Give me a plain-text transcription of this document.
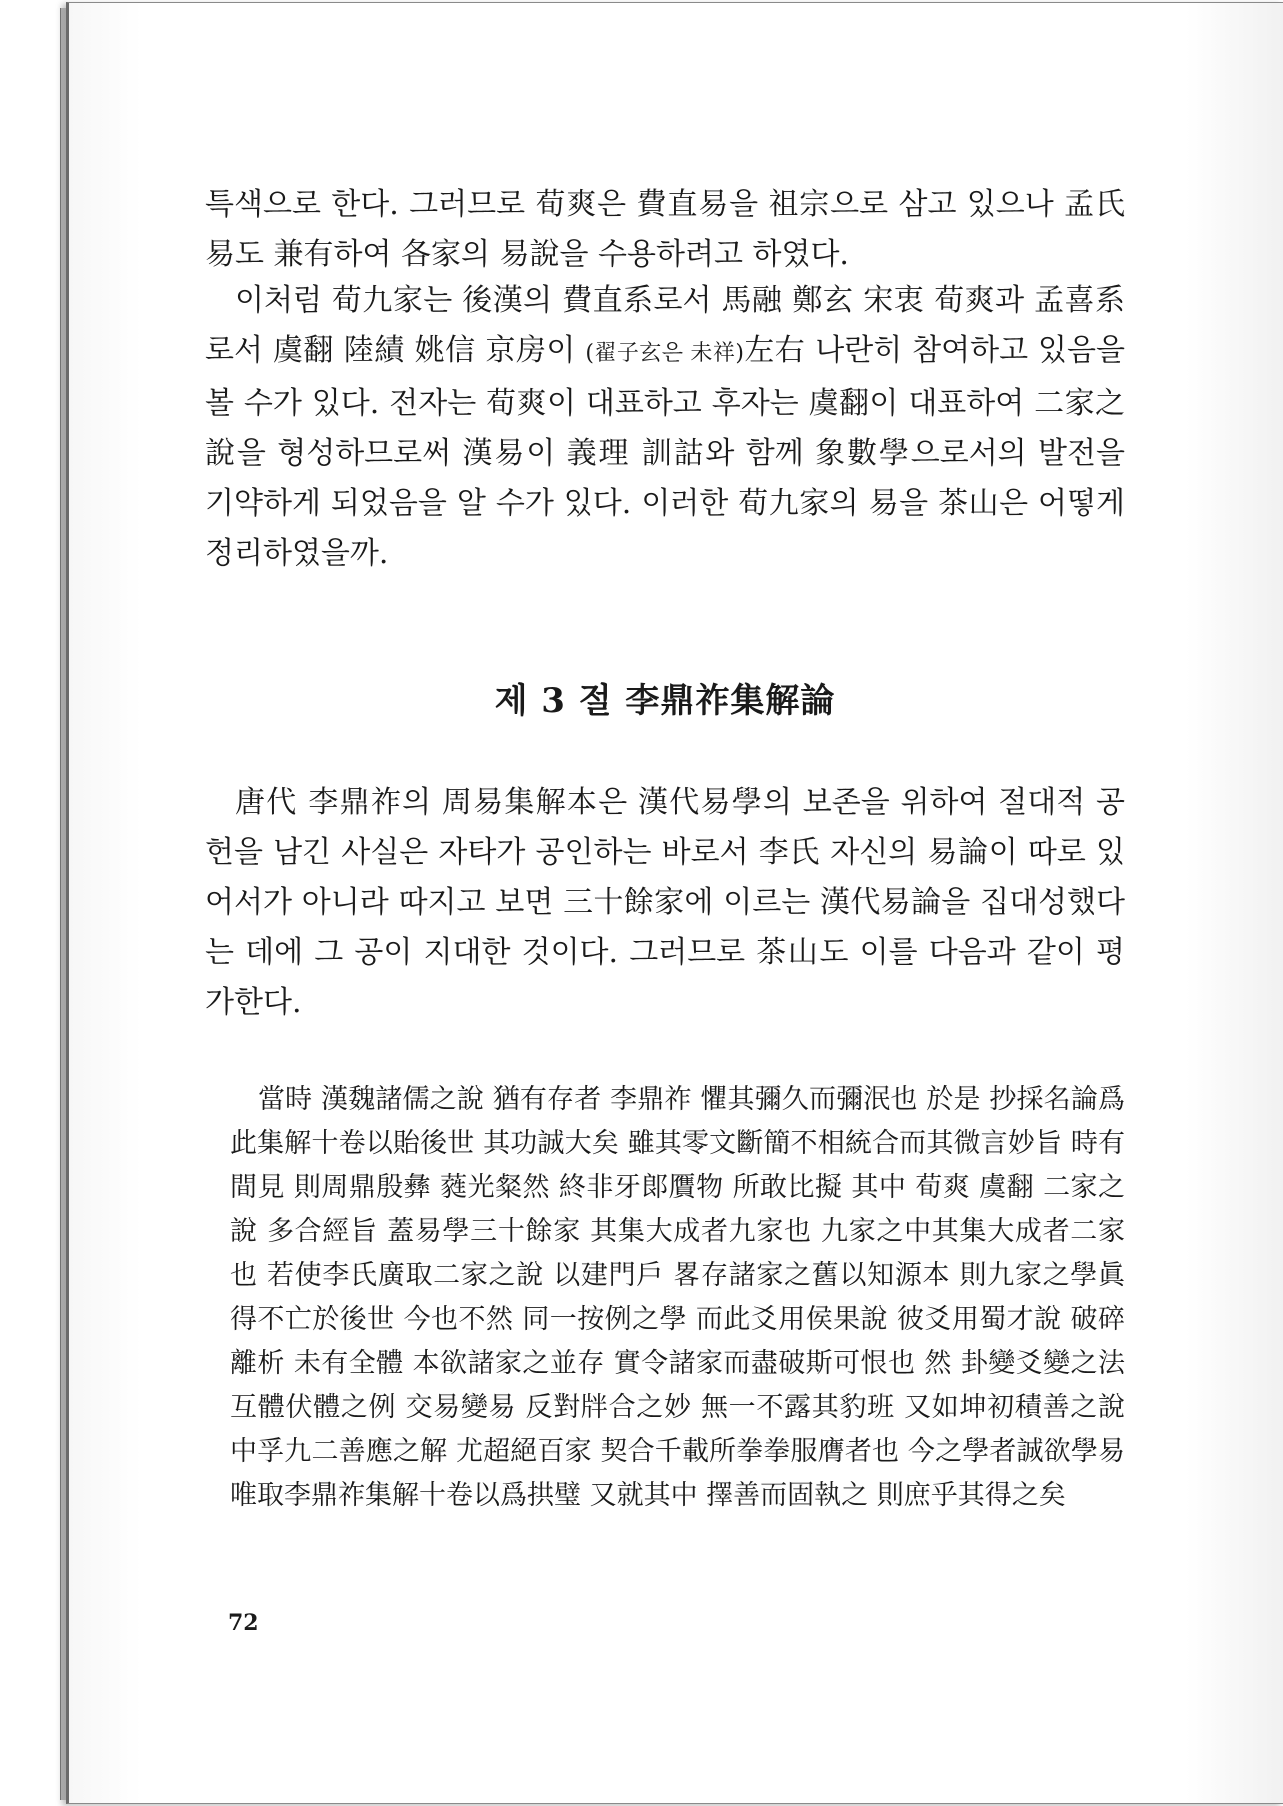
특색으로 한다. 그러므로 荀爽은 費直易을 祖宗으로 삼고 있으나 孟氏易도 兼有하여 各家의 易說을 수용하려고 하였다.

이처럼 荀九家는 後漢의 費直系로서 馬融 鄭玄 宋衷 荀爽과 孟喜系로서 虞翻 陸績 姚信 京房이 (翟子玄은 未祥)左右 나란히 참여하고 있음을 볼 수가 있다. 전자는 荀爽이 대표하고 후자는 虞翻이 대표하여 二家之說을 형성하므로써 漢易이 義理 訓詁와 함께 象數學으로서의 발전을 기약하게 되었음을 알 수가 있다. 이러한 荀九家의 易을 茶山은 어떻게 정리하였을까.

제 3 절 李鼎祚集解論

唐代 李鼎祚의 周易集解本은 漢代易學의 보존을 위하여 절대적 공헌을 남긴 사실은 자타가 공인하는 바로서 李氏 자신의 易論이 따로 있어서가 아니라 따지고 보면 三十餘家에 이르는 漢代易論을 집대성했다는 데에 그 공이 지대한 것이다. 그러므로 茶山도 이를 다음과 같이 평가한다.

當時 漢魏諸儒之說 猶有存者 李鼎祚 懼其彌久而彌泯也 於是 抄採名論爲此集解十卷以貽後世 其功誠大矣 雖其零文斷簡不相統合而其微言妙旨 時有間見 則周鼎殷彝 蕤光粲然 終非牙郞贋物 所敢比擬 其中 荀爽 虞翻 二家之說 多合經旨 蓋易學三十餘家 其集大成者九家也 九家之中其集大成者二家也 若使李氏廣取二家之說 以建門戶 畧存諸家之舊以知源本 則九家之學眞得不亡於後世 今也不然 同一按例之學 而此爻用侯果說 彼爻用蜀才說 破碎離析 未有全體 本欲諸家之並存 實令諸家而盡破斯可恨也 然 卦變爻變之法 互體伏體之例 交易變易 反對牉合之妙 無一不露其豹班 又如坤初積善之說 中孚九二善應之解 尤超絕百家 契合千載所拳拳服膺者也 今之學者誠欲學易 唯取李鼎祚集解十卷以爲拱璧 又就其中 擇善而固執之 則庶乎其得之矣

72
